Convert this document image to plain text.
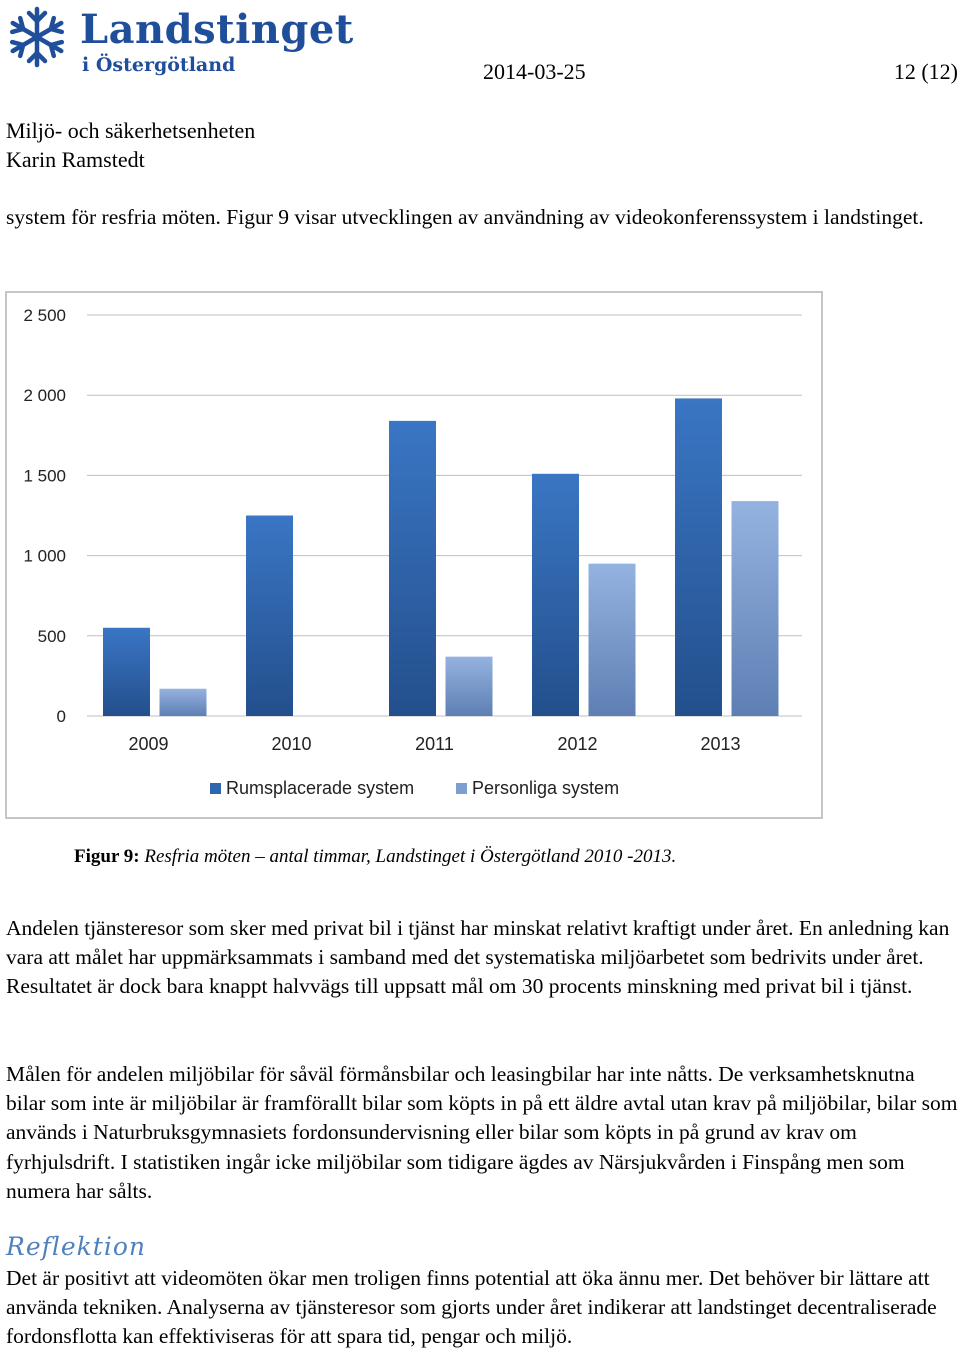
Landstinget
i Östergötland	2014-03-25	12 (12)
Miljö- och säkerhetsenheten
Karin Ramstedt

system för resfria möten. Figur 9 visar utvecklingen av användning av videokonferenssystem i landstinget.

0
500
1 000
1 500
2 000
2 500
2009	2010	2011	2012	2013
Rumsplacerade system	Personliga system
Figur 9: Resfria möten – antal timmar, Landstinget i Östergötland 2010 -2013.

Andelen tjänsteresor som sker med privat bil i tjänst har minskat relativt kraftigt under året. En anledning kan vara att målet har uppmärksammats i samband med det systematiska miljöarbetet som bedrivits under året. Resultatet är dock bara knappt halvvägs till uppsatt mål om 30 procents minskning med privat bil i tjänst.

Målen för andelen miljöbilar för såväl förmånsbilar och leasingbilar har inte nåtts. De verksamhetsknutna bilar som inte är miljöbilar är framförallt bilar som köpts in på ett äldre avtal utan krav på miljöbilar, bilar som används i Naturbruksgymnasiets fordonsundervisning eller bilar som köpts in på grund av krav om fyrhjulsdrift. I statistiken ingår icke miljöbilar som tidigare ägdes av Närsjukvården i Finspång men som numera har sålts.

Reflektion

Det är positivt att videomöten ökar men troligen finns potential att öka ännu mer. Det behöver bir lättare att använda tekniken. Analyserna av tjänsteresor som gjorts under året indikerar att landstinget decentraliserade fordonsflotta kan effektiviseras för att spara tid, pengar och miljö.
